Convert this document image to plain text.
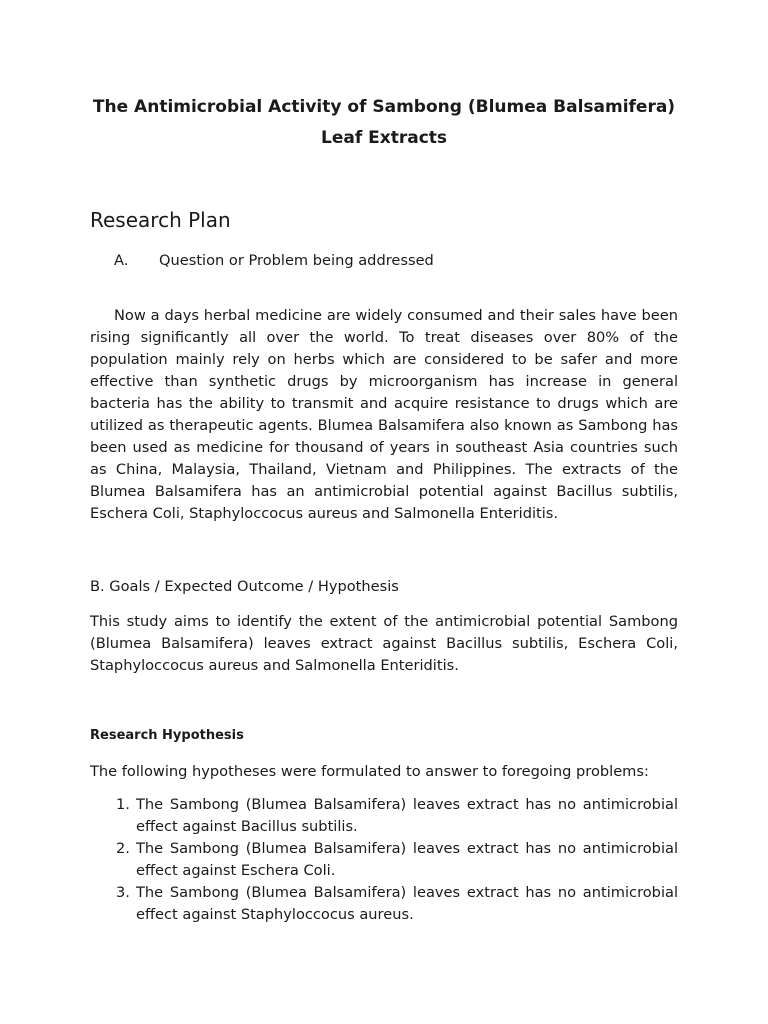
The Antimicrobial Activity of Sambong (Blumea Balsamifera)
Leaf Extracts
Research Plan
A.	Question or Problem being addressed

Now a days herbal medicine are widely consumed and their sales have been rising significantly all over the world. To treat diseases over 80% of the population mainly rely on herbs which are considered to be safer and more effective than synthetic drugs by microorganism has increase in general bacteria has the ability to transmit and acquire resistance to drugs which are utilized as therapeutic agents. Blumea Balsamifera also known as Sambong has been used as medicine for thousand of years in southeast Asia countries such as China, Malaysia, Thailand, Vietnam and Philippines. The extracts of the Blumea Balsamifera has an antimicrobial potential against Bacillus subtilis, Eschera Coli, Staphyloccocus aureus and Salmonella Enteriditis.

B. Goals / Expected Outcome / Hypothesis

This study aims to identify the extent of the antimicrobial potential Sambong (Blumea Balsamifera) leaves extract against Bacillus subtilis, Eschera Coli, Staphyloccocus aureus and Salmonella Enteriditis.

Research Hypothesis
The following hypotheses were formulated to answer to foregoing problems:
1. The Sambong (Blumea Balsamifera) leaves extract has no antimicrobial effect against Bacillus subtilis.
2. The Sambong (Blumea Balsamifera) leaves extract has no antimicrobial effect against Eschera Coli.
3. The Sambong (Blumea Balsamifera) leaves extract has no antimicrobial effect against Staphyloccocus aureus.
